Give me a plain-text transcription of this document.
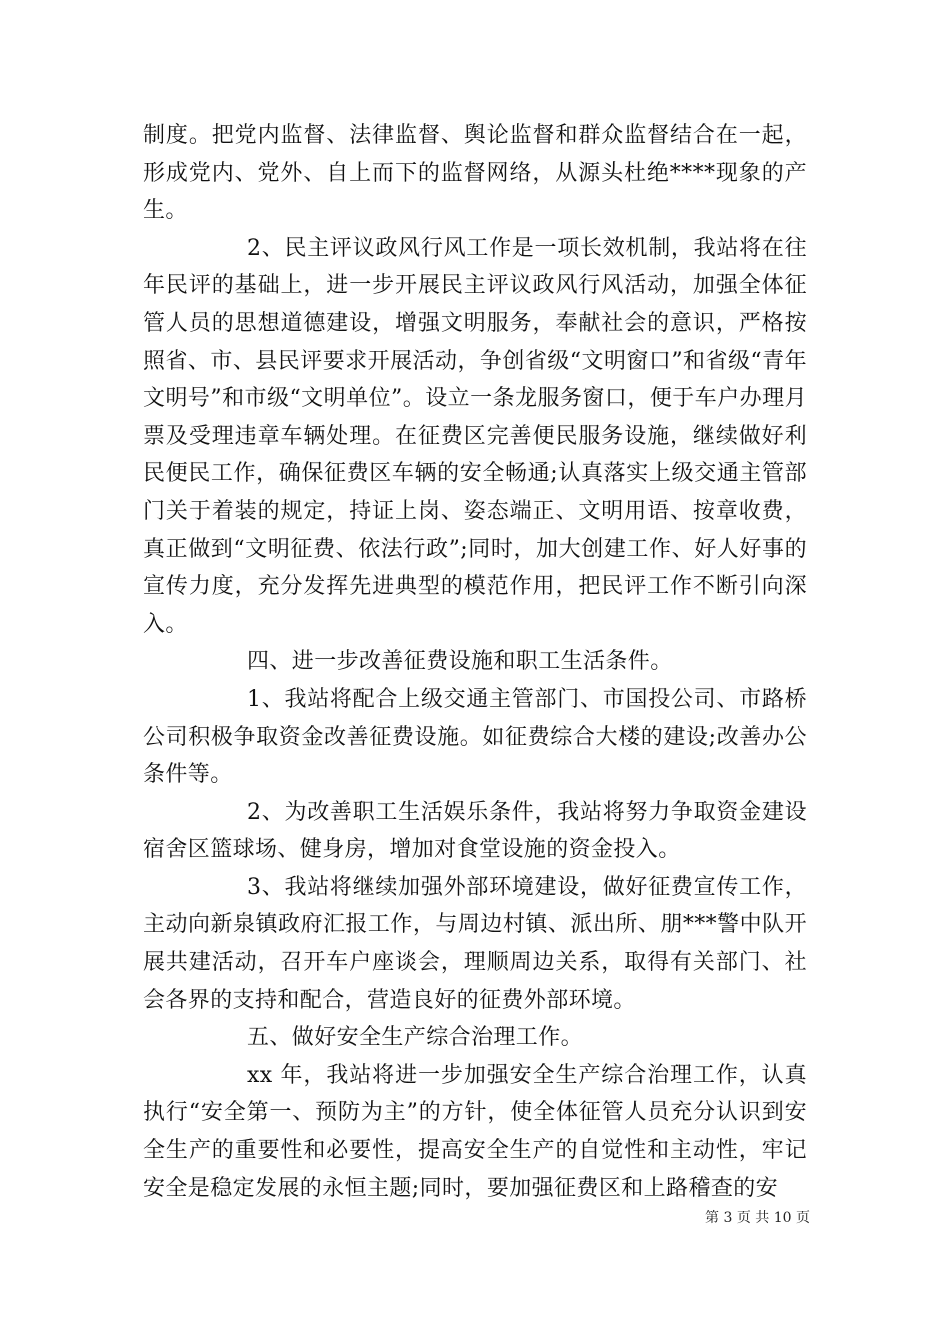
制度。把党内监督、法律监督、舆论监督和群众监督结合在一起，形成党内、党外、自上而下的监督网络，从源头杜绝****现象的产生。

2、民主评议政风行风工作是一项长效机制，我站将在往年民评的基础上，进一步开展民主评议政风行风活动，加强全体征管人员的思想道德建设，增强文明服务，奉献社会的意识，严格按照省、市、县民评要求开展活动，争创省级“文明窗口”和省级“青年文明号”和市级“文明单位”。设立一条龙服务窗口，便于车户办理月票及受理违章车辆处理。在征费区完善便民服务设施，继续做好利民便民工作，确保征费区车辆的安全畅通;认真落实上级交通主管部门关于着装的规定，持证上岗、姿态端正、文明用语、按章收费，真正做到“文明征费、依法行政”;同时，加大创建工作、好人好事的宣传力度，充分发挥先进典型的模范作用，把民评工作不断引向深入。

四、进一步改善征费设施和职工生活条件。

1、我站将配合上级交通主管部门、市国投公司、市路桥公司积极争取资金改善征费设施。如征费综合大楼的建设;改善办公条件等。

2、为改善职工生活娱乐条件，我站将努力争取资金建设宿舍区篮球场、健身房，增加对食堂设施的资金投入。

3、我站将继续加强外部环境建设，做好征费宣传工作，主动向新泉镇政府汇报工作，与周边村镇、派出所、朋***警中队开展共建活动，召开车户座谈会，理顺周边关系，取得有关部门、社会各界的支持和配合，营造良好的征费外部环境。

五、做好安全生产综合治理工作。

xx 年，我站将进一步加强安全生产综合治理工作，认真执行“安全第一、预防为主”的方针，使全体征管人员充分认识到安全生产的重要性和必要性，提高安全生产的自觉性和主动性，牢记安全是稳定发展的永恒主题;同时，要加强征费区和上路稽查的安

第 3 页 共 10 页
